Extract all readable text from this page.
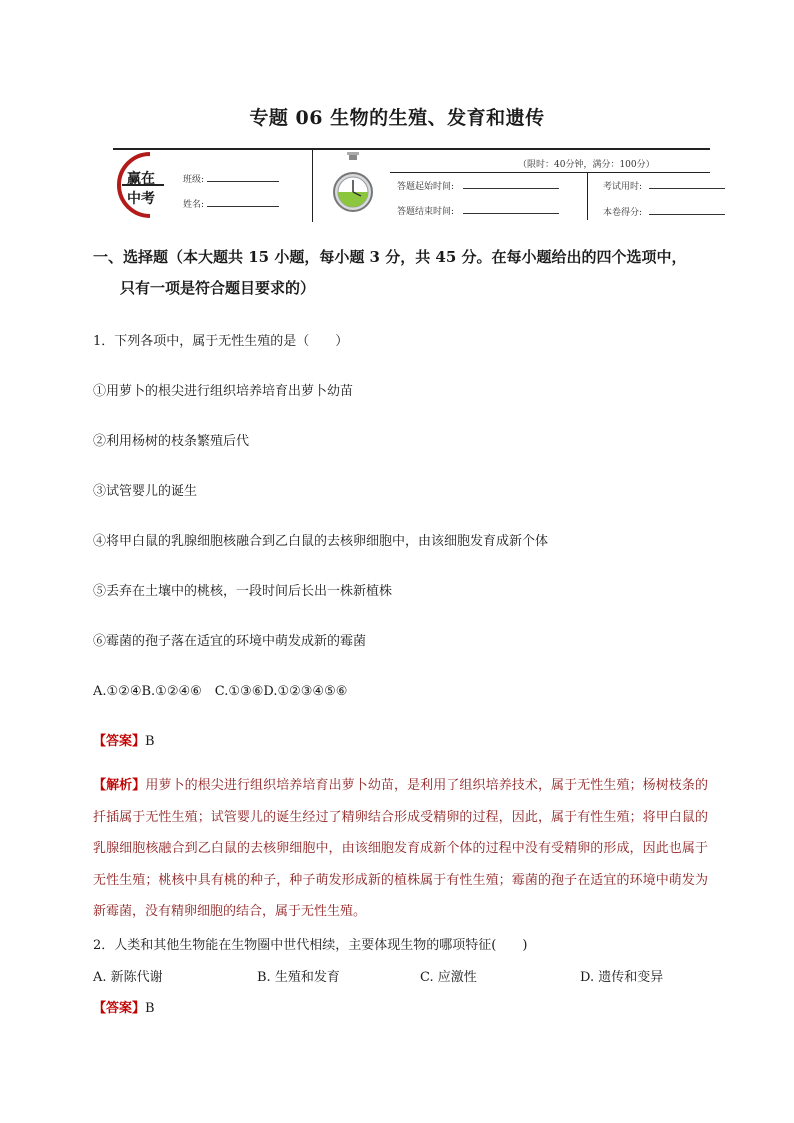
专题 06 生物的生殖、发育和遗传
赢在
中考
班级:
姓名:
（限时：40分钟，满分：100分）
答题起始时间:
答题结束时间:
考试用时:
本卷得分:
一、选择题（本大题共 15 小题，每小题 3 分，共 45 分。在每小题给出的四个选项中，
只有一项是符合题目要求的）
1．下列各项中，属于无性生殖的是（　　）
①用萝卜的根尖进行组织培养培育出萝卜幼苗
②利用杨树的枝条繁殖后代
③试管婴儿的诞生
④将甲白鼠的乳腺细胞核融合到乙白鼠的去核卵细胞中，由该细胞发育成新个体
⑤丢弃在土壤中的桃核，一段时间后长出一株新植株
⑥霉菌的孢子落在适宜的环境中萌发成新的霉菌
A.①②④B.①②④⑥　C.①③⑥D.①②③④⑤⑥
【答案】B
【解析】用萝卜的根尖进行组织培养培育出萝卜幼苗，是利用了组织培养技术，属于无性生殖；杨树枝条的扦插属于无性生殖；试管婴儿的诞生经过了精卵结合形成受精卵的过程，因此，属于有性生殖；将甲白鼠的乳腺细胞核融合到乙白鼠的去核卵细胞中，由该细胞发育成新个体的过程中没有受精卵的形成，因此也属于无性生殖；桃核中具有桃的种子，种子萌发形成新的植株属于有性生殖；霉菌的孢子在适宜的环境中萌发为新霉菌，没有精卵细胞的结合，属于无性生殖。
2．人类和其他生物能在生物圈中世代相续，主要体现生物的哪项特征(　　)
A. 新陈代谢	B. 生殖和发育	C. 应激性	D. 遗传和变异
【答案】B
